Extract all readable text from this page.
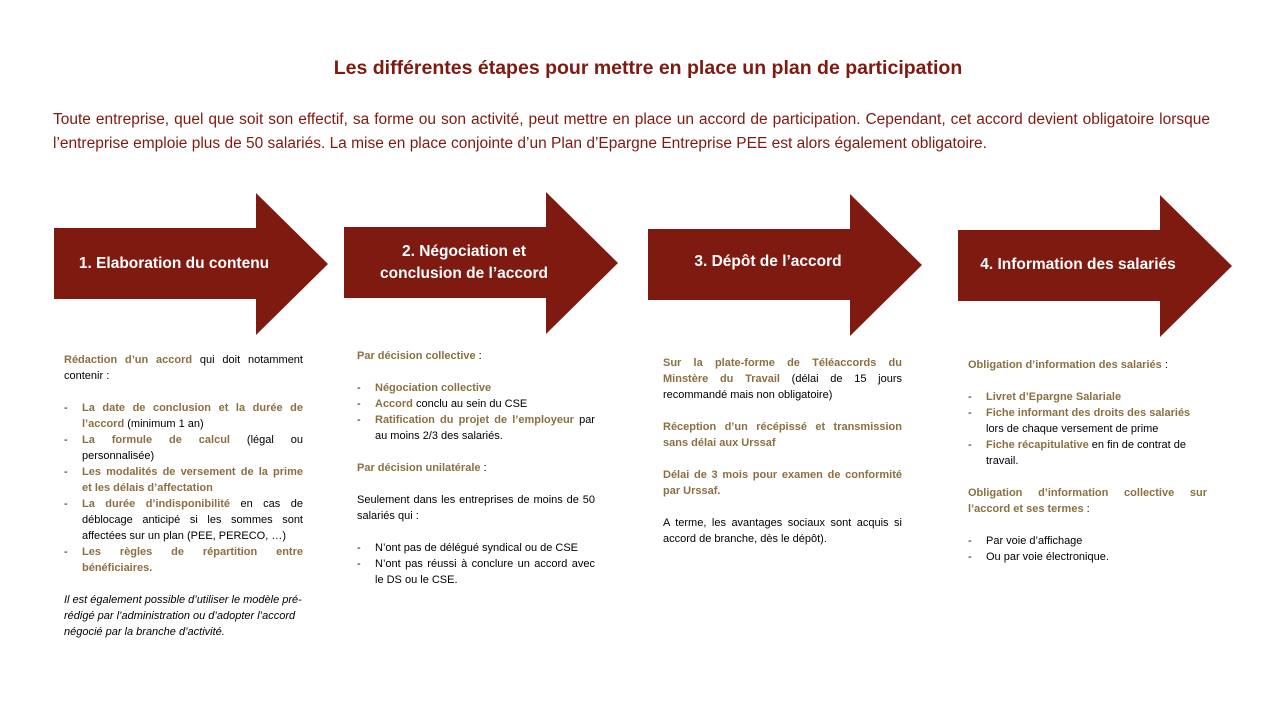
Les différentes étapes pour mettre en place un plan de participation

Toute entreprise, quel que soit son effectif, sa forme ou son activité, peut mettre en place un accord de participation. Cependant, cet accord devient obligatoire lorsque l’entreprise emploie plus de 50 salariés. La mise en place conjointe d’un Plan d’Epargne Entreprise PEE est alors également obligatoire.

1. Elaboration du contenu
2. Négociation et
conclusion de l’accord
3. Dépôt de l’accord	4. Information des salariés

Rédaction d’un accord qui doit notamment contenir :

- La date de conclusion et la durée de l’accord (minimum 1 an)
- La formule de calcul (légal ou personnalisée)
- Les modalités de versement de la prime et les délais d’affectation
- La durée d’indisponibilité en cas de déblocage anticipé si les sommes sont affectées sur un plan (PEE, PERECO, …)
- Les règles de répartition entre bénéficiaires.

Il est également possible d’utiliser le modèle pré-rédigé par l’administration ou d’adopter l’accord négocié par la branche d’activité.

Par décision collective :

- Négociation collective
- Accord conclu au sein du CSE
- Ratification du projet de l’employeur par au moins 2/3 des salariés.

Par décision unilatérale :

Seulement dans les entreprises de moins de 50 salariés qui :

- N’ont pas de délégué syndical ou de CSE
- N’ont pas réussi à conclure un accord avec le DS ou le CSE.

Sur la plate-forme de Téléaccords du Minstère du Travail (délai de 15 jours recommandé mais non obligatoire)

Réception d’un récépissé et transmission sans délai aux Urssaf

Délai de 3 mois pour examen de conformité par Urssaf.

A terme, les avantages sociaux sont acquis si accord de branche, dès le dépôt).

Obligation d’information des salariés :

- Livret d’Epargne Salariale
- Fiche informant des droits des salariés lors de chaque versement de prime
- Fiche récapitulative en fin de contrat de travail.

Obligation d’information collective sur l’accord et ses termes :

- Par voie d’affichage
- Ou par voie électronique.
